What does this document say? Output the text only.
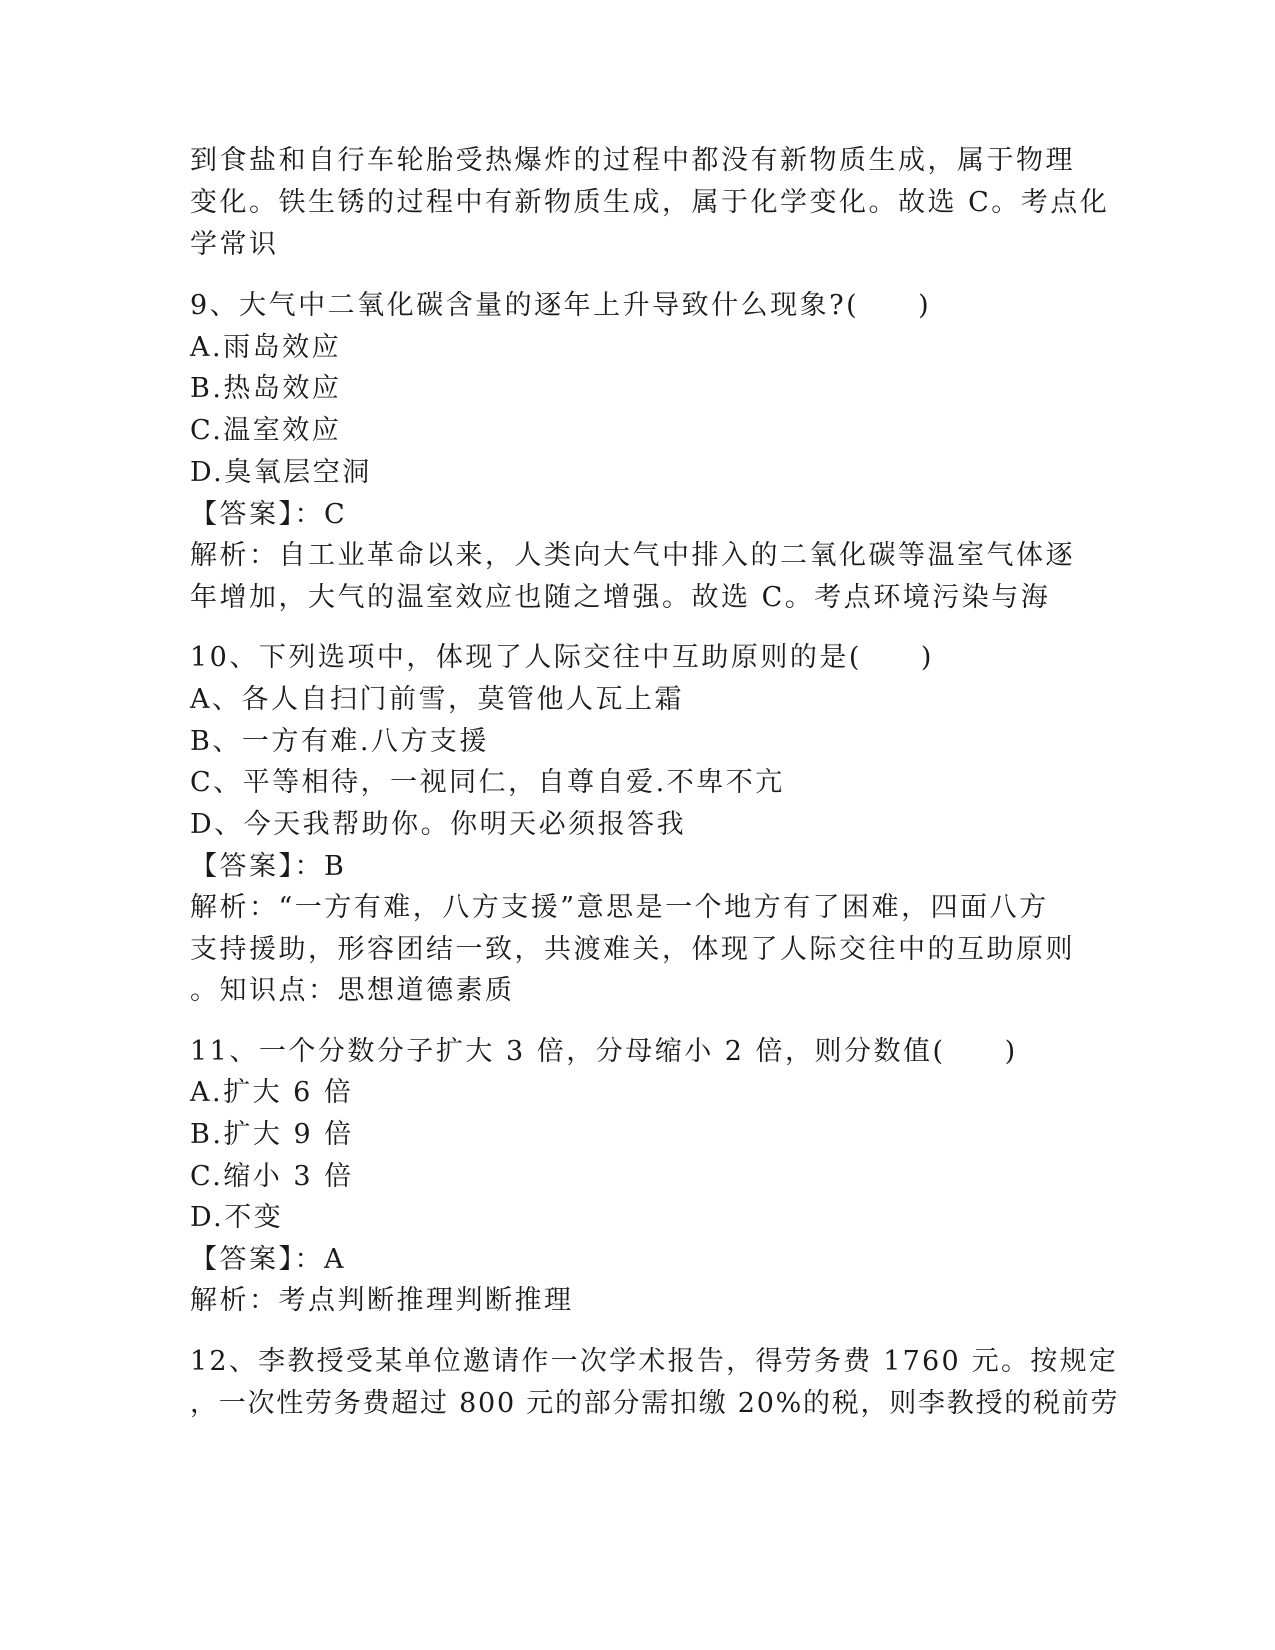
到食盐和自行车轮胎受热爆炸的过程中都没有新物质生成，属于物理
变化。铁生锈的过程中有新物质生成，属于化学变化。故选 C。考点化
学常识
9、大气中二氧化碳含量的逐年上升导致什么现象?(　　)
A.雨岛效应
B.热岛效应
C.温室效应
D.臭氧层空洞
【答案】：C
解析：自工业革命以来，人类向大气中排入的二氧化碳等温室气体逐
年增加，大气的温室效应也随之增强。故选 C。考点环境污染与海
10、下列选项中，体现了人际交往中互助原则的是(　　)
A、各人自扫门前雪，莫管他人瓦上霜
B、一方有难.八方支援
C、平等相待，一视同仁，自尊自爱.不卑不亢
D、今天我帮助你。你明天必须报答我
【答案】：B
解析：“一方有难，八方支援”意思是一个地方有了困难，四面八方
支持援助，形容团结一致，共渡难关，体现了人际交往中的互助原则
。知识点：思想道德素质
11、一个分数分子扩大 3 倍，分母缩小 2 倍，则分数值(　　)
A.扩大 6 倍
B.扩大 9 倍
C.缩小 3 倍
D.不变
【答案】：A
解析：考点判断推理判断推理
12、李教授受某单位邀请作一次学术报告，得劳务费 1760 元。按规定
，一次性劳务费超过 800 元的部分需扣缴 20%的税，则李教授的税前劳
